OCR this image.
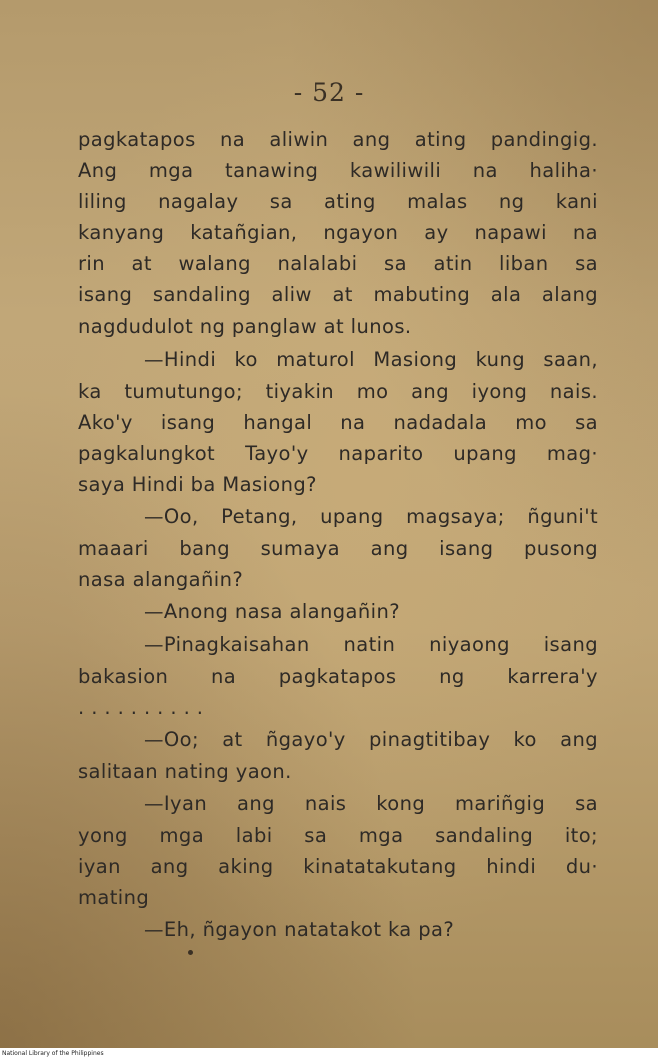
- 52 -
pagkatapos na aliwin ang ating pandingig.
Ang mga tanawing kawiliwili na haliha·
liling nagalay sa ating malas ng kani
kanyang katañgian, ngayon ay napawi na
rin at walang nalalabi sa atin liban sa
isang sandaling aliw at mabuting ala alang
nagdudulot ng panglaw at lunos.
—Hindi ko maturol Masiong kung saan,
ka tumutungo; tiyakin mo ang iyong nais.
Ako'y isang hangal na nadadala mo sa
pagkalungkot Tayo'y naparito upang mag·
saya Hindi ba Masiong?
—Oo, Petang, upang magsaya; ñguni't
maaari bang sumaya ang isang pusong
nasa alangañin?
—Anong nasa alangañin?
—Pinagkaisahan natin niyaong isang
bakasion na pagkatapos ng karrera'y
. . . . . . . . . .
—Oo; at ñgayo'y pinagtitibay ko ang
salitaan nating yaon.
—Iyan ang nais kong mariñgig sa
yong mga labi sa mga sandaling ito;
iyan ang aking kinatatakutang hindi du·
mating
—Eh, ñgayon natatakot ka pa?
National Library of the Philippines
